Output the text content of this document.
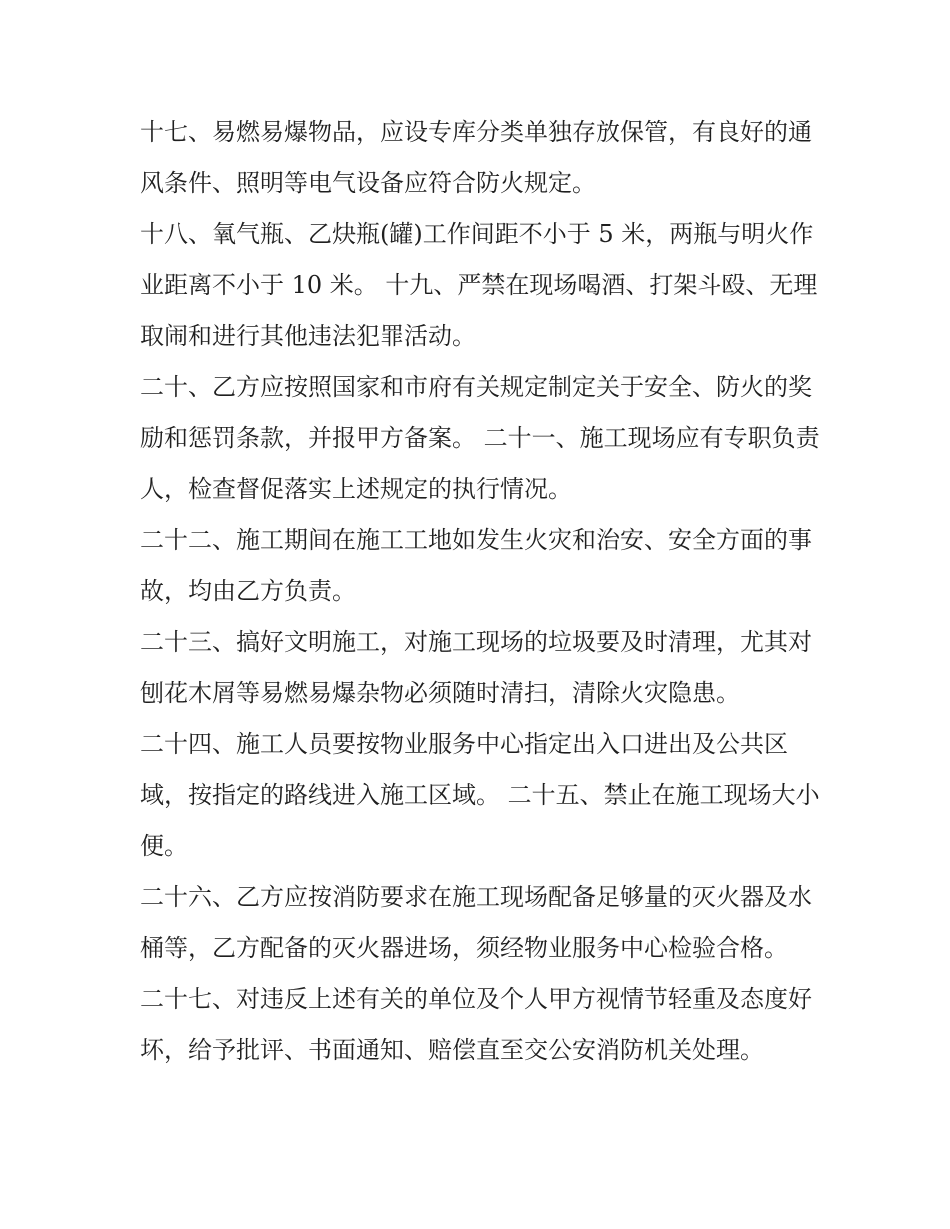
十七、易燃易爆物品，应设专库分类单独存放保管，有良好的通风条件、照明等电气设备应符合防火规定。

十八、氧气瓶、乙炔瓶(罐)工作间距不小于 5 米，两瓶与明火作业距离不小于 10 米。 十九、严禁在现场喝酒、打架斗殴、无理取闹和进行其他违法犯罪活动。

二十、乙方应按照国家和市府有关规定制定关于安全、防火的奖励和惩罚条款，并报甲方备案。 二十一、施工现场应有专职负责人，检查督促落实上述规定的执行情况。

二十二、施工期间在施工工地如发生火灾和治安、安全方面的事故，均由乙方负责。

二十三、搞好文明施工，对施工现场的垃圾要及时清理，尤其对刨花木屑等易燃易爆杂物必须随时清扫，清除火灾隐患。

二十四、施工人员要按物业服务中心指定出入口进出及公共区域，按指定的路线进入施工区域。 二十五、禁止在施工现场大小便。

二十六、乙方应按消防要求在施工现场配备足够量的灭火器及水桶等，乙方配备的灭火器进场，须经物业服务中心检验合格。

二十七、对违反上述有关的单位及个人甲方视情节轻重及态度好坏，给予批评、书面通知、赔偿直至交公安消防机关处理。
